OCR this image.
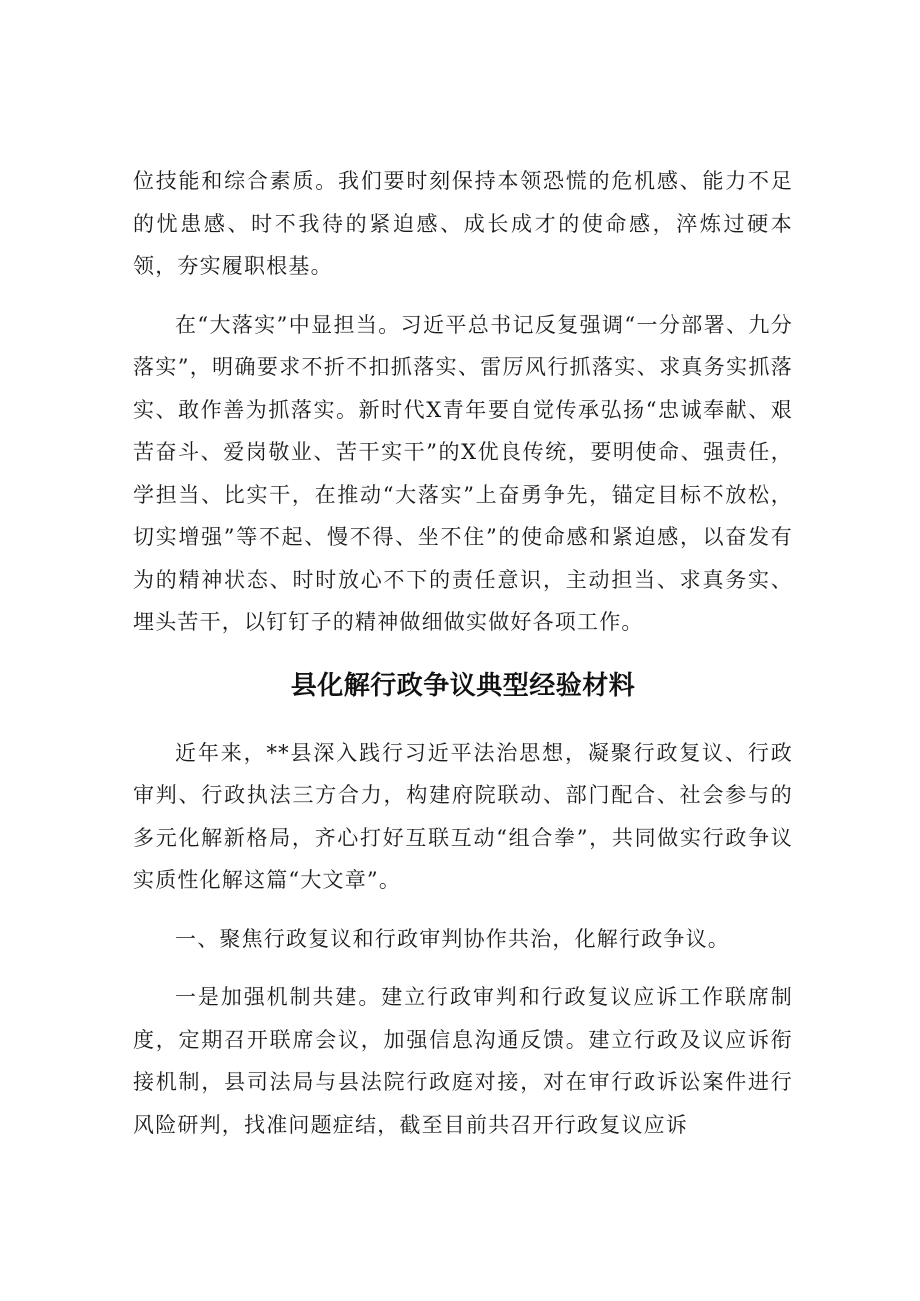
位技能和综合素质。我们要时刻保持本领恐慌的危机感、能力不足的忧患感、时不我待的紧迫感、成长成才的使命感，淬炼过硬本领，夯实履职根基。

在“大落实”中显担当。习近平总书记反复强调“一分部署、九分落实”，明确要求不折不扣抓落实、雷厉风行抓落实、求真务实抓落实、敢作善为抓落实。新时代X青年要自觉传承弘扬“忠诚奉献、艰苦奋斗、爱岗敬业、苦干实干”的X优良传统，要明使命、强责任，学担当、比实干，在推动“大落实”上奋勇争先，锚定目标不放松，切实增强”等不起、慢不得、坐不住”的使命感和紧迫感，以奋发有为的精神状态、时时放心不下的责任意识，主动担当、求真务实、埋头苦干，以钉钉子的精神做细做实做好各项工作。

县化解行政争议典型经验材料

近年来，**县深入践行习近平法治思想，凝聚行政复议、行政审判、行政执法三方合力，构建府院联动、部门配合、社会参与的多元化解新格局，齐心打好互联互动“组合拳”，共同做实行政争议实质性化解这篇“大文章”。

一、聚焦行政复议和行政审判协作共治，化解行政争议。

一是加强机制共建。建立行政审判和行政复议应诉工作联席制度，定期召开联席会议，加强信息沟通反馈。建立行政及议应诉衔接机制，县司法局与县法院行政庭对接，对在审行政诉讼案件进行风险研判，找准问题症结，截至目前共召开行政复议应诉
